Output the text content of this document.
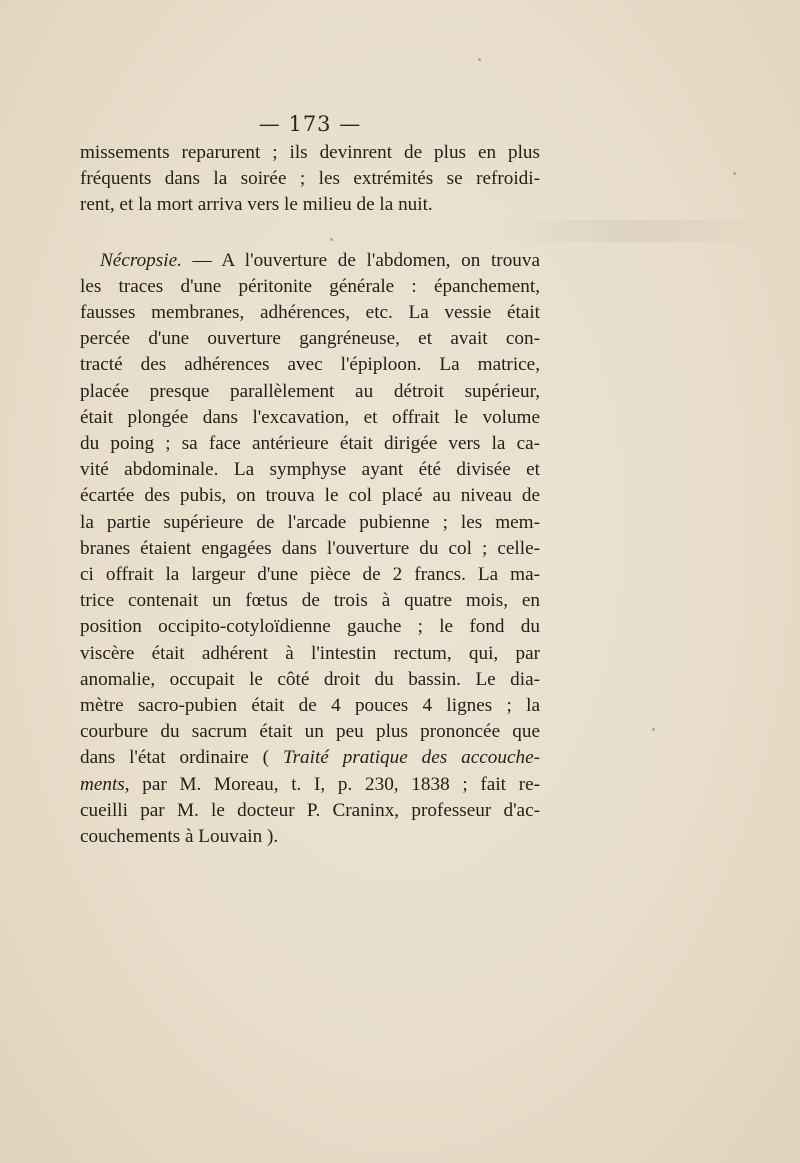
— 173 —
missements reparurent ; ils devinrent de plus en plus
fréquents dans la soirée ; les extrémités se refroidi-
rent, et la mort arriva vers le milieu de la nuit.
Nécropsie. — A l'ouverture de l'abdomen, on trouva
les traces d'une péritonite générale : épanchement,
fausses membranes, adhérences, etc. La vessie était
percée d'une ouverture gangréneuse, et avait con-
tracté des adhérences avec l'épiploon. La matrice,
placée presque parallèlement au détroit supérieur,
était plongée dans l'excavation, et offrait le volume
du poing ; sa face antérieure était dirigée vers la ca-
vité abdominale. La symphyse ayant été divisée et
écartée des pubis, on trouva le col placé au niveau de
la partie supérieure de l'arcade pubienne ; les mem-
branes étaient engagées dans l'ouverture du col ; celle-
ci offrait la largeur d'une pièce de 2 francs. La ma-
trice contenait un fœtus de trois à quatre mois, en
position occipito-cotyloïdienne gauche ; le fond du
viscère était adhérent à l'intestin rectum, qui, par
anomalie, occupait le côté droit du bassin. Le dia-
mètre sacro-pubien était de 4 pouces 4 lignes ; la
courbure du sacrum était un peu plus prononcée que
dans l'état ordinaire ( Traité pratique des accouche-
ments, par M. Moreau, t. I, p. 230, 1838 ; fait re-
cueilli par M. le docteur P. Craninx, professeur d'ac-
couchements à Louvain ).
